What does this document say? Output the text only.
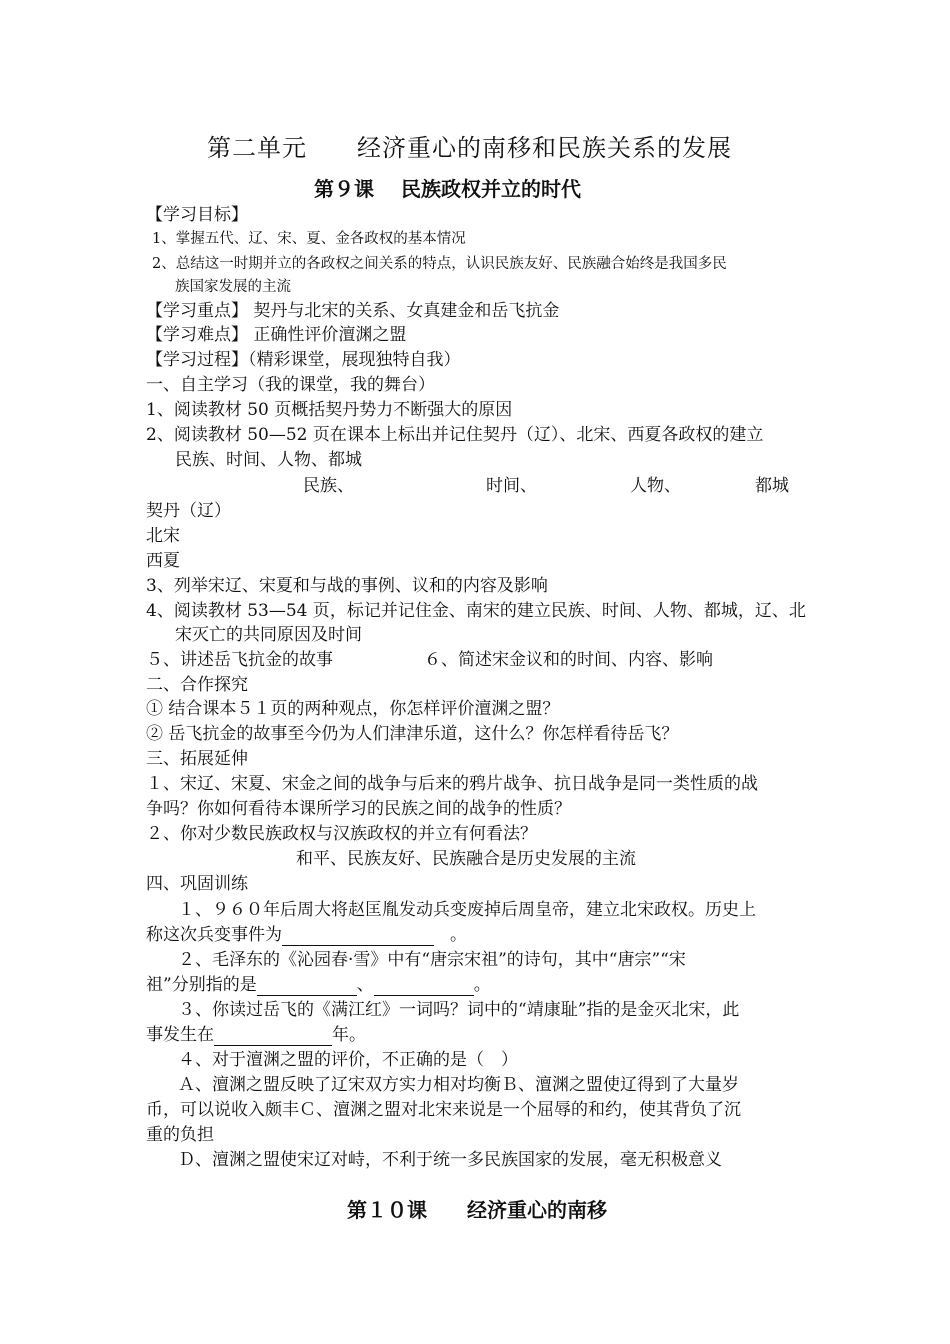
第二单元　　经济重心的南移和民族关系的发展
第９课　 民族政权并立的时代
【学习目标】
1、掌握五代、辽、宋、夏、金各政权的基本情况
2、总结这一时期并立的各政权之间关系的特点，认识民族友好、民族融合始终是我国多民
族国家发展的主流
【学习重点】 契丹与北宋的关系、女真建金和岳飞抗金
【学习难点】 正确性评价澶渊之盟
【学习过程】（精彩课堂，展现独特自我）
一、自主学习（我的课堂，我的舞台）
1、阅读教材 50 页概括契丹势力不断强大的原因
2、阅读教材 50—52 页在课本上标出并记住契丹（辽）、北宋、西夏各政权的建立
民族、时间、人物、都城
民族、	时间、	人物、	都城
契丹（辽）
北宋
西夏
3、列举宋辽、宋夏和与战的事例、议和的内容及影响
4、阅读教材 53—54 页，标记并记住金、南宋的建立民族、时间、人物、都城，辽、北
宋灭亡的共同原因及时间
５、讲述岳飞抗金的故事	６、简述宋金议和的时间、内容、影响
二、合作探究
① 结合课本５１页的两种观点，你怎样评价澶渊之盟？
② 岳飞抗金的故事至今仍为人们津津乐道，这什么？你怎样看待岳飞？
三、拓展延伸
１、宋辽、宋夏、宋金之间的战争与后来的鸦片战争、抗日战争是同一类性质的战
争吗？你如何看待本课所学习的民族之间的战争的性质？
２、你对少数民族政权与汉族政权的并立有何看法？
和平、民族友好、民族融合是历史发展的主流
四、巩固训练
１、９６０年后周大将赵匡胤发动兵变废掉后周皇帝，建立北宋政权。历史上
称这次兵变事件为	。
２、毛泽东的《沁园春·雪》中有“唐宗宋祖”的诗句，其中“唐宗”“宋
祖”分别指的是	、	。
３、你读过岳飞的《满江红》一词吗？词中的“靖康耻”指的是金灭北宋，此
事发生在	年。
４、对于澶渊之盟的评价，不正确的是（　）
Ａ、澶渊之盟反映了辽宋双方实力相对均衡Ｂ、澶渊之盟使辽得到了大量岁
币，可以说收入颇丰Ｃ、澶渊之盟对北宋来说是一个屈辱的和约，使其背负了沉
重的负担
Ｄ、澶渊之盟使宋辽对峙，不利于统一多民族国家的发展，毫无积极意义
第１０课　　经济重心的南移
